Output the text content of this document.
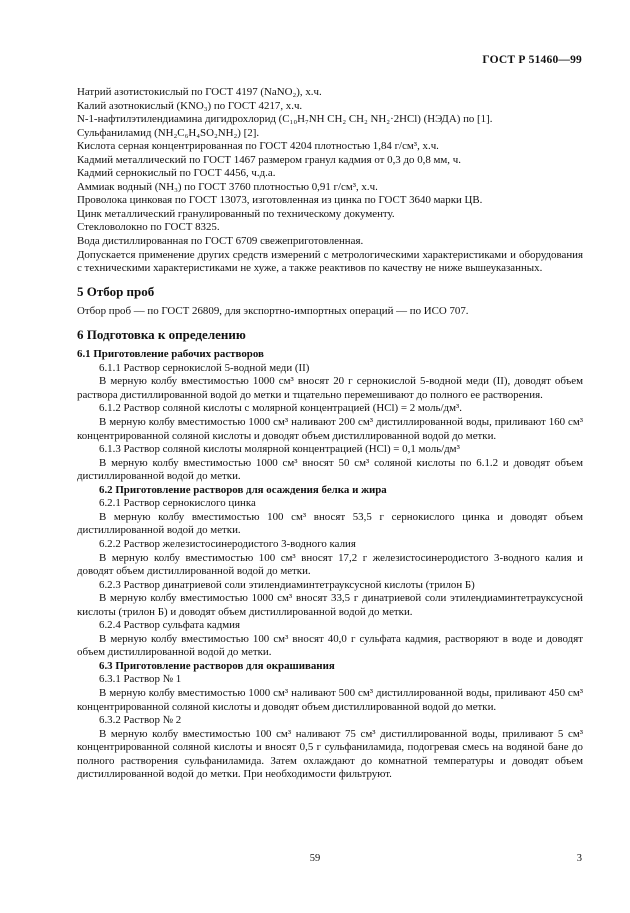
ГОСТ Р 51460—99

Натрий азотистокислый по ГОСТ 4197 (NaNO₂), х.ч.

Калий азотнокислый (KNO₃) по ГОСТ 4217, х.ч.

N-1-нафтилэтилендиамина дигидрохлорид (C₁₀H₇NH CH₂ CH₂ NH₂·2HCl) (НЭДА) по [1].

Сульфаниламид (NH₂C₆H₄SO₂NH₂) [2].

Кислота серная концентрированная по ГОСТ 4204 плотностью 1,84 г/см³, х.ч.

Кадмий металлический по ГОСТ 1467 размером гранул кадмия от 0,3 до 0,8 мм, ч.

Кадмий сернокислый по ГОСТ 4456, ч.д.а.

Аммиак водный (NH₃) по ГОСТ 3760 плотностью 0,91 г/см³, х.ч.

Проволока цинковая по ГОСТ 13073, изготовленная из цинка по ГОСТ 3640 марки ЦВ.

Цинк металлический гранулированный по техническому документу.

Стекловолокно по ГОСТ 8325.

Вода дистиллированная по ГОСТ 6709 свежеприготовленная.

Допускается применение других средств измерений с метрологическими характеристиками и оборудования с техническими характеристиками не хуже, а также реактивов по качеству не ниже вышеуказанных.

5 Отбор проб

Отбор проб — по ГОСТ 26809, для экспортно-импортных операций — по ИСО 707.

6 Подготовка к определению

6.1 Приготовление рабочих растворов

6.1.1 Раствор сернокислой 5-водной меди (II)

В мерную колбу вместимостью 1000 см³ вносят 20 г сернокислой 5-водной меди (II), доводят объем раствора дистиллированной водой до метки и тщательно перемешивают до полного ее растворения.

6.1.2 Раствор соляной кислоты с молярной концентрацией (HCl) = 2 моль/дм³.

В мерную колбу вместимостью 1000 см³ наливают 200 см³ дистиллированной воды, приливают 160 см³ концентрированной соляной кислоты и доводят объем дистиллированной водой до метки.

6.1.3 Раствор соляной кислоты молярной концентрацией (HCl) = 0,1 моль/дм³

В мерную колбу вместимостью 1000 см³ вносят 50 см³ соляной кислоты по 6.1.2 и доводят объем дистиллированной водой до метки.

6.2 Приготовление растворов для осаждения белка и жира

6.2.1 Раствор сернокислого цинка

В мерную колбу вместимостью 100 см³ вносят 53,5 г сернокислого цинка и доводят объем дистиллированной водой до метки.

6.2.2 Раствор железистосинеродистого 3-водного калия

В мерную колбу вместимостью 100 см³ вносят 17,2 г железистосинеродистого 3-водного калия и доводят объем дистиллированной водой до метки.

6.2.3 Раствор динатриевой соли этилендиаминтетрауксусной кислоты (трилон Б)

В мерную колбу вместимостью 1000 см³ вносят 33,5 г динатриевой соли этилендиаминтетрауксусной кислоты (трилон Б) и доводят объем дистиллированной водой до метки.

6.2.4 Раствор сульфата кадмия

В мерную колбу вместимостью 100 см³ вносят 40,0 г сульфата кадмия, растворяют в воде и доводят объем дистиллированной водой до метки.

6.3 Приготовление растворов для окрашивания

6.3.1 Раствор № 1

В мерную колбу вместимостью 1000 см³ наливают 500 см³ дистиллированной воды, приливают 450 см³ концентрированной соляной кислоты и доводят объем дистиллированной водой до метки.

6.3.2 Раствор № 2

В мерную колбу вместимостью 100 см³ наливают 75 см³ дистиллированной воды, приливают 5 см³ концентрированной соляной кислоты и вносят 0,5 г сульфаниламида, подогревая смесь на водяной бане до полного растворения сульфаниламида. Затем охлаждают до комнатной температуры и доводят объем дистиллированной водой до метки. При необходимости фильтруют.

59	3
